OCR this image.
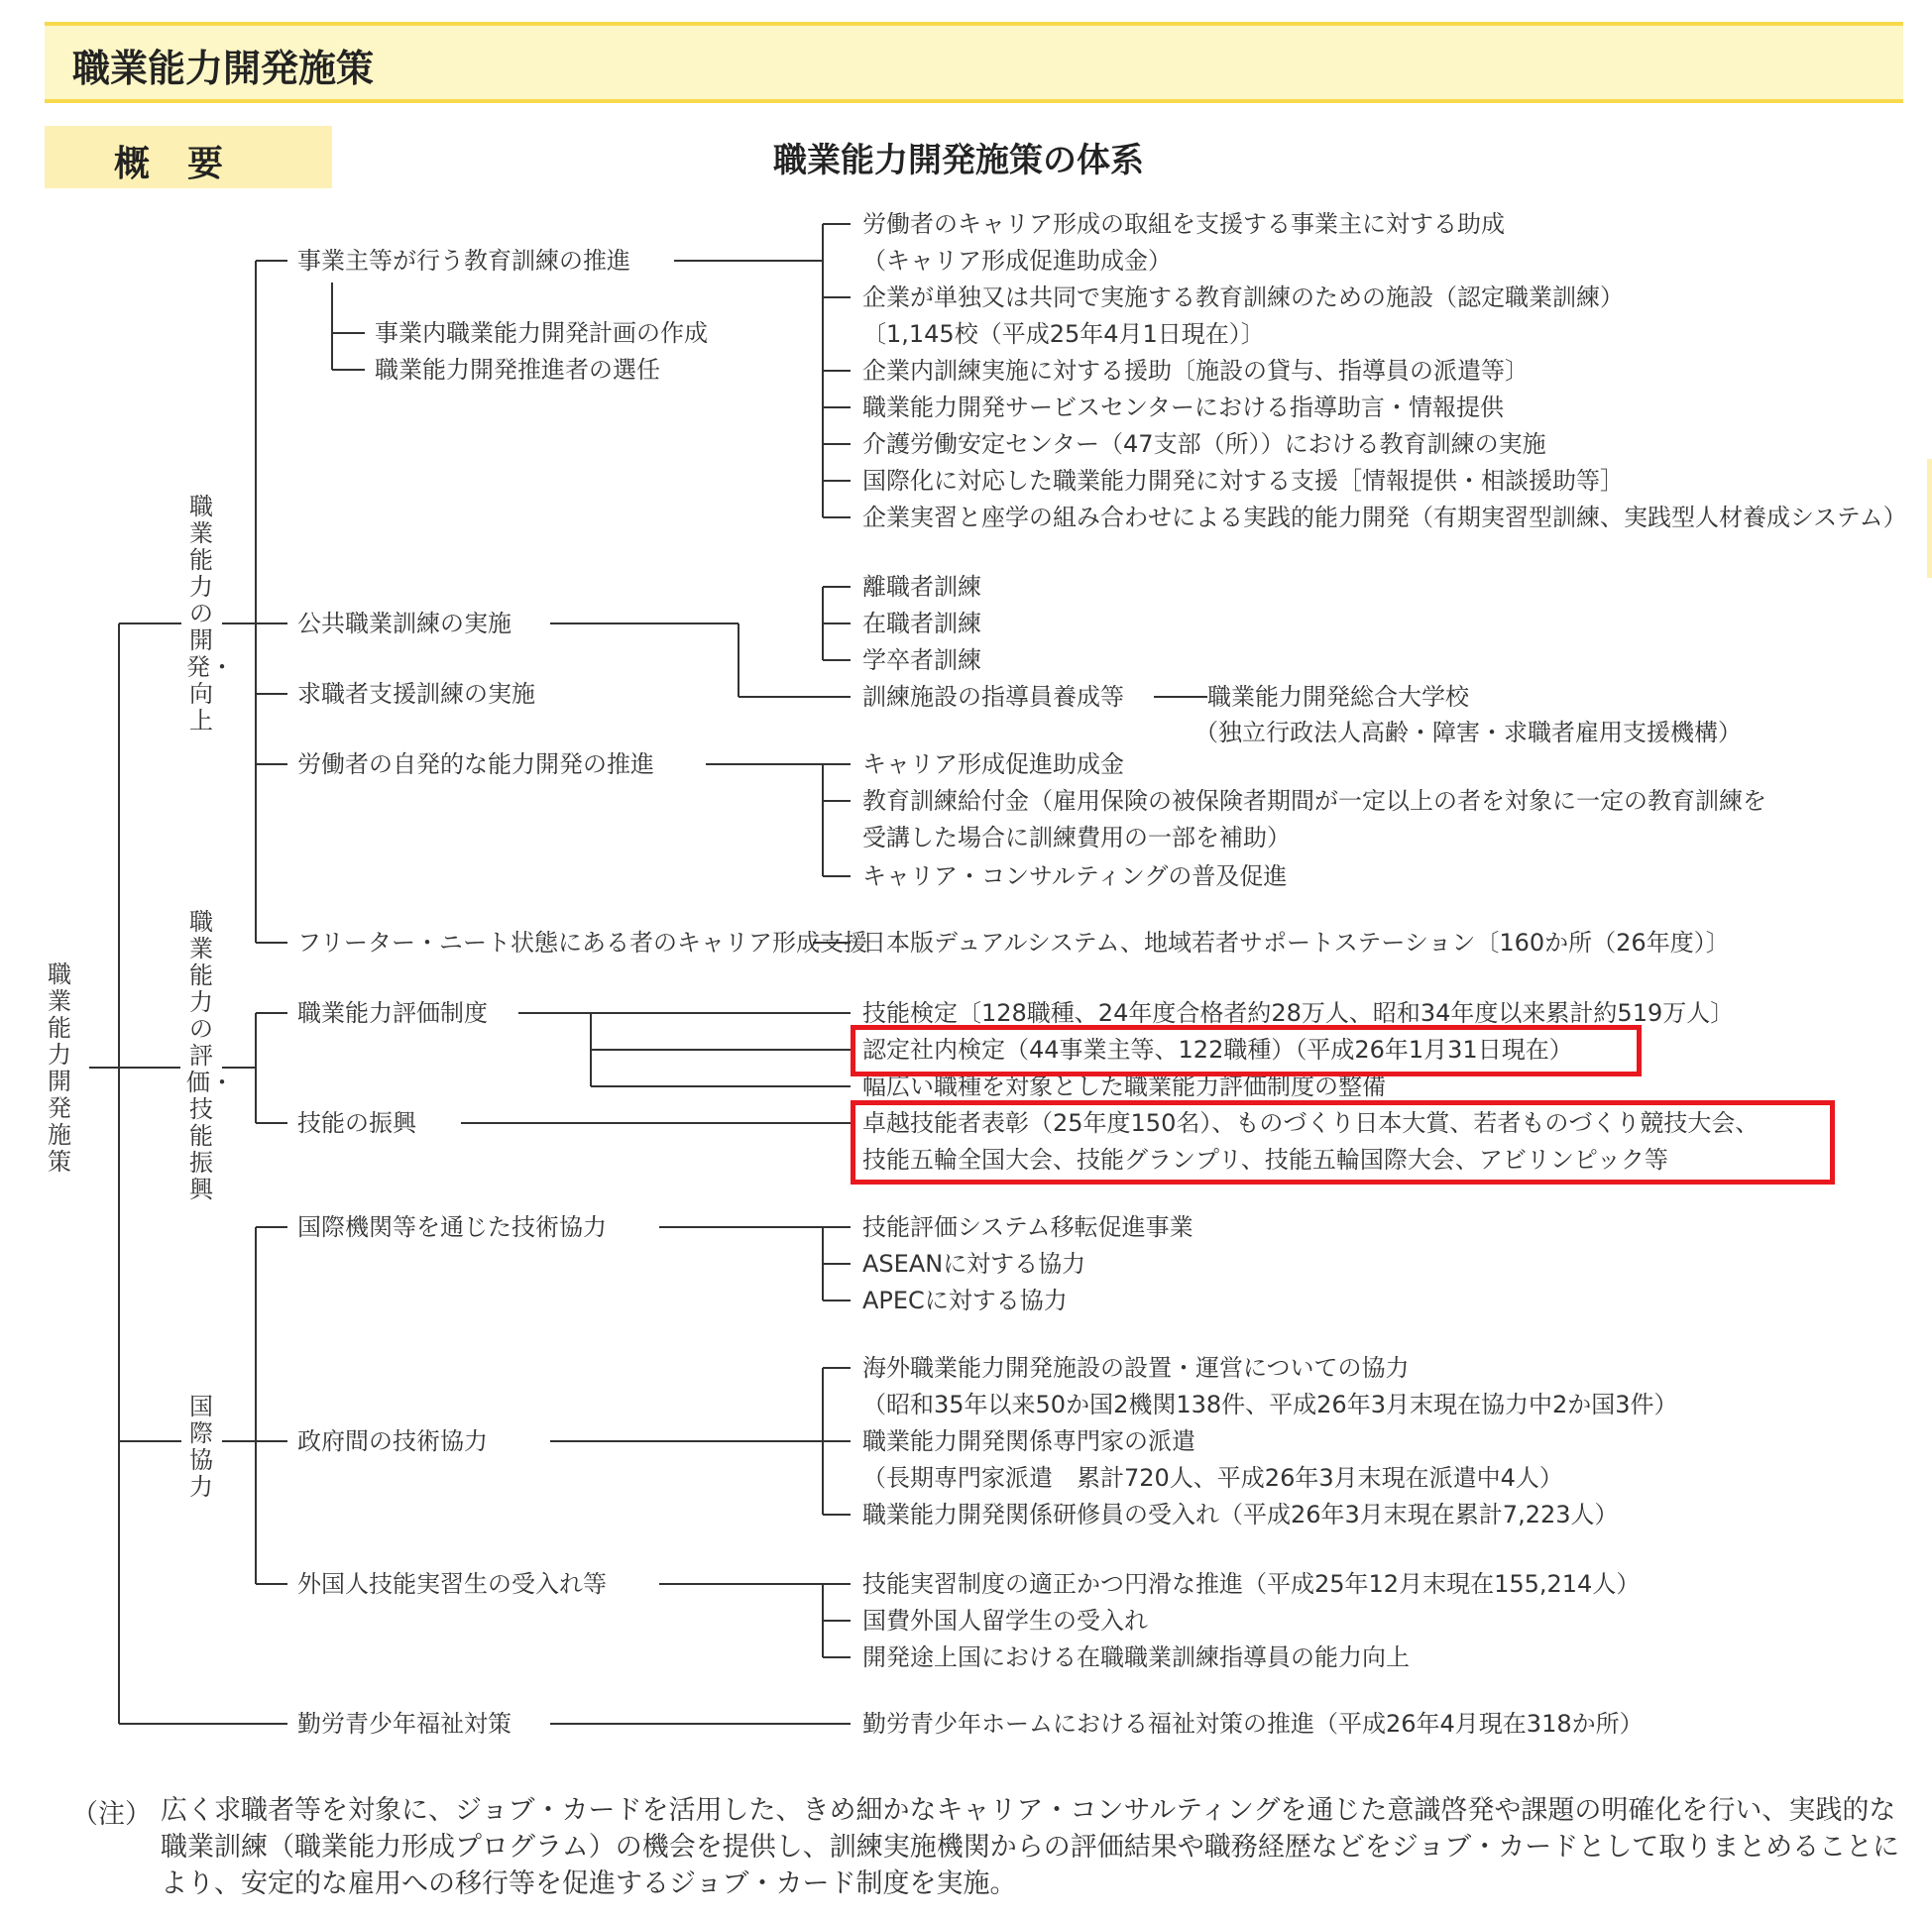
職業能力開発施策
概要	職業能力開発施策の体系
職業能力開発施策
職業能力の開発・向上
職業能力の評価・技能振興
国際協力
事業主等が行う教育訓練の推進
事業内職業能力開発計画の作成
職業能力開発推進者の選任
公共職業訓練の実施
求職者支援訓練の実施
労働者の自発的な能力開発の推進
フリーター・ニート状態にある者のキャリア形成支援
職業能力評価制度
技能の振興
国際機関等を通じた技術協力
政府間の技術協力
外国人技能実習生の受入れ等
勤労青少年福祉対策
労働者のキャリア形成の取組を支援する事業主に対する助成
（キャリア形成促進助成金）
企業が単独又は共同で実施する教育訓練のための施設（認定職業訓練）
〔1,145校（平成25年4月1日現在）〕
企業内訓練実施に対する援助〔施設の貸与、指導員の派遣等〕
職業能力開発サービスセンターにおける指導助言・情報提供
介護労働安定センター（47支部（所））における教育訓練の実施
国際化に対応した職業能力開発に対する支援［情報提供・相談援助等］
企業実習と座学の組み合わせによる実践的能力開発（有期実習型訓練、実践型人材養成システム）
離職者訓練
在職者訓練
学卒者訓練
訓練施設の指導員養成等	職業能力開発総合大学校
（独立行政法人高齢・障害・求職者雇用支援機構）
キャリア形成促進助成金
教育訓練給付金（雇用保険の被保険者期間が一定以上の者を対象に一定の教育訓練を
受講した場合に訓練費用の一部を補助）
キャリア・コンサルティングの普及促進
日本版デュアルシステム、地域若者サポートステーション〔160か所（26年度）〕
技能検定〔128職種、24年度合格者約28万人、昭和34年度以来累計約519万人〕
認定社内検定（44事業主等、122職種）（平成26年1月31日現在）
幅広い職種を対象とした職業能力評価制度の整備
卓越技能者表彰（25年度150名）、ものづくり日本大賞、若者ものづくり競技大会、
技能五輪全国大会、技能グランプリ、技能五輪国際大会、アビリンピック等
技能評価システム移転促進事業
ASEANに対する協力
APECに対する協力
海外職業能力開発施設の設置・運営についての協力
（昭和35年以来50か国2機関138件、平成26年3月末現在協力中2か国3件）
職業能力開発関係専門家の派遣
（長期専門家派遣　累計720人、平成26年3月末現在派遣中4人）
職業能力開発関係研修員の受入れ（平成26年3月末現在累計7,223人）
技能実習制度の適正かつ円滑な推進（平成25年12月末現在155,214人）
国費外国人留学生の受入れ
開発途上国における在職職業訓練指導員の能力向上
勤労青少年ホームにおける福祉対策の推進（平成26年4月現在318か所）
（注） 広く求職者等を対象に、ジョブ・カードを活用した、きめ細かなキャリア・コンサルティングを通じた意識啓発や課題の明確化を行い、実践的な職業訓練（職業能力形成プログラム）の機会を提供し、訓練実施機関からの評価結果や職務経歴などをジョブ・カードとして取りまとめることにより、安定的な雇用への移行等を促進するジョブ・カード制度を実施。
